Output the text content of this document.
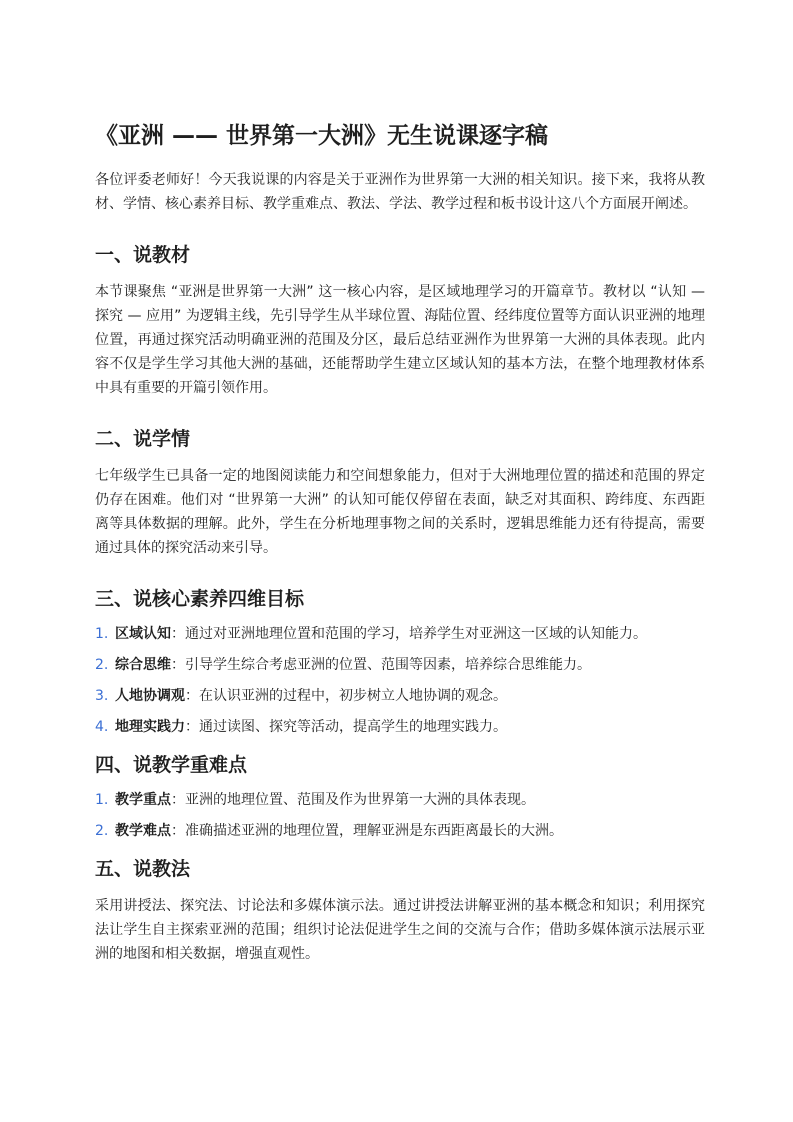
《亚洲 —— 世界第一大洲》无生说课逐字稿

各位评委老师好！今天我说课的内容是关于亚洲作为世界第一大洲的相关知识。接下来，我将从教材、学情、核心素养目标、教学重难点、教法、学法、教学过程和板书设计这八个方面展开阐述。

一、说教材

本节课聚焦 “亚洲是世界第一大洲” 这一核心内容，是区域地理学习的开篇章节。教材以 “认知 — 探究 — 应用” 为逻辑主线，先引导学生从半球位置、海陆位置、经纬度位置等方面认识亚洲的地理位置，再通过探究活动明确亚洲的范围及分区，最后总结亚洲作为世界第一大洲的具体表现。此内容不仅是学生学习其他大洲的基础，还能帮助学生建立区域认知的基本方法，在整个地理教材体系中具有重要的开篇引领作用。

二、说学情

七年级学生已具备一定的地图阅读能力和空间想象能力，但对于大洲地理位置的描述和范围的界定仍存在困难。他们对 “世界第一大洲” 的认知可能仅停留在表面，缺乏对其面积、跨纬度、东西距离等具体数据的理解。此外，学生在分析地理事物之间的关系时，逻辑思维能力还有待提高，需要通过具体的探究活动来引导。

三、说核心素养四维目标
1. 区域认知：通过对亚洲地理位置和范围的学习，培养学生对亚洲这一区域的认知能力。
2. 综合思维：引导学生综合考虑亚洲的位置、范围等因素，培养综合思维能力。
3. 人地协调观：在认识亚洲的过程中，初步树立人地协调的观念。
4. 地理实践力：通过读图、探究等活动，提高学生的地理实践力。
四、说教学重难点
1. 教学重点：亚洲的地理位置、范围及作为世界第一大洲的具体表现。
2. 教学难点：准确描述亚洲的地理位置，理解亚洲是东西距离最长的大洲。
五、说教法

采用讲授法、探究法、讨论法和多媒体演示法。通过讲授法讲解亚洲的基本概念和知识；利用探究法让学生自主探索亚洲的范围；组织讨论法促进学生之间的交流与合作；借助多媒体演示法展示亚洲的地图和相关数据，增强直观性。
